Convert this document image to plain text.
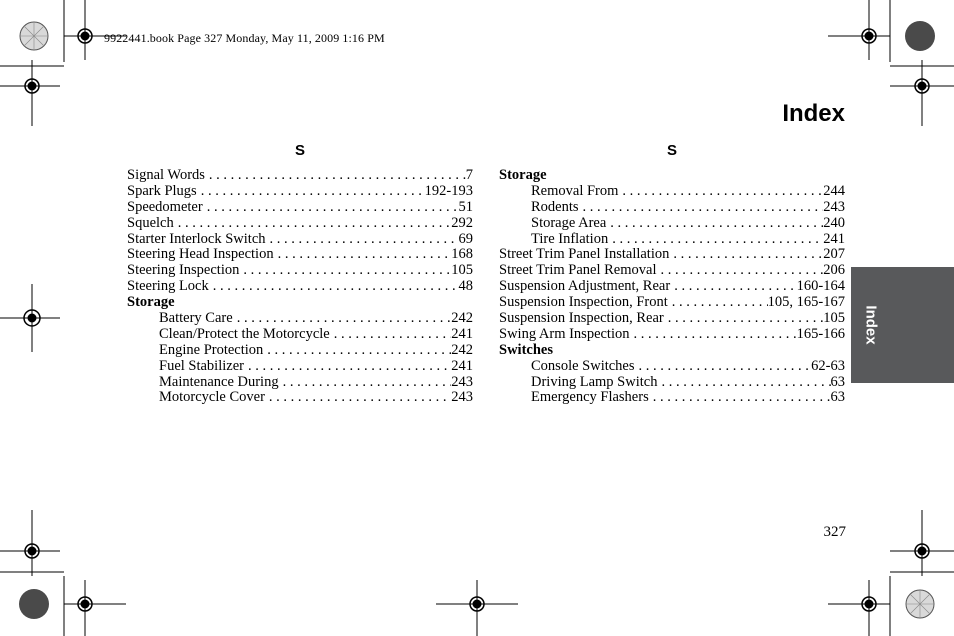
9922441.book Page 327 Monday, May 11, 2009 1:16 PM
Index
Index
S
Signal Words . . .	7
Spark Plugs . . .	192-193
Speedometer . . .	51
Squelch . . .	292
Starter Interlock Switch . . .	69
Steering Head Inspection . . .	168
Steering Inspection . . .	105
Steering Lock . . .	48
Storage
Battery Care . . .	242
Clean/Protect the Motorcycle . . .	241
Engine Protection . . .	242
Fuel Stabilizer . . .	241
Maintenance During . . .	243
Motorcycle Cover . . .	243
S
Storage
Removal From . . .	244
Rodents . . .	243
Storage Area . . .	240
Tire Inflation . . .	241
Street Trim Panel Installation . . .	207
Street Trim Panel Removal . . .	206
Suspension Adjustment, Rear . . .	160-164
Suspension Inspection, Front . . .	105, 165-167
Suspension Inspection, Rear . . .	105
Swing Arm Inspection . . .	165-166
Switches
Console Switches . . .	62-63
Driving Lamp Switch . . .	63
Emergency Flashers . . .	63
327
